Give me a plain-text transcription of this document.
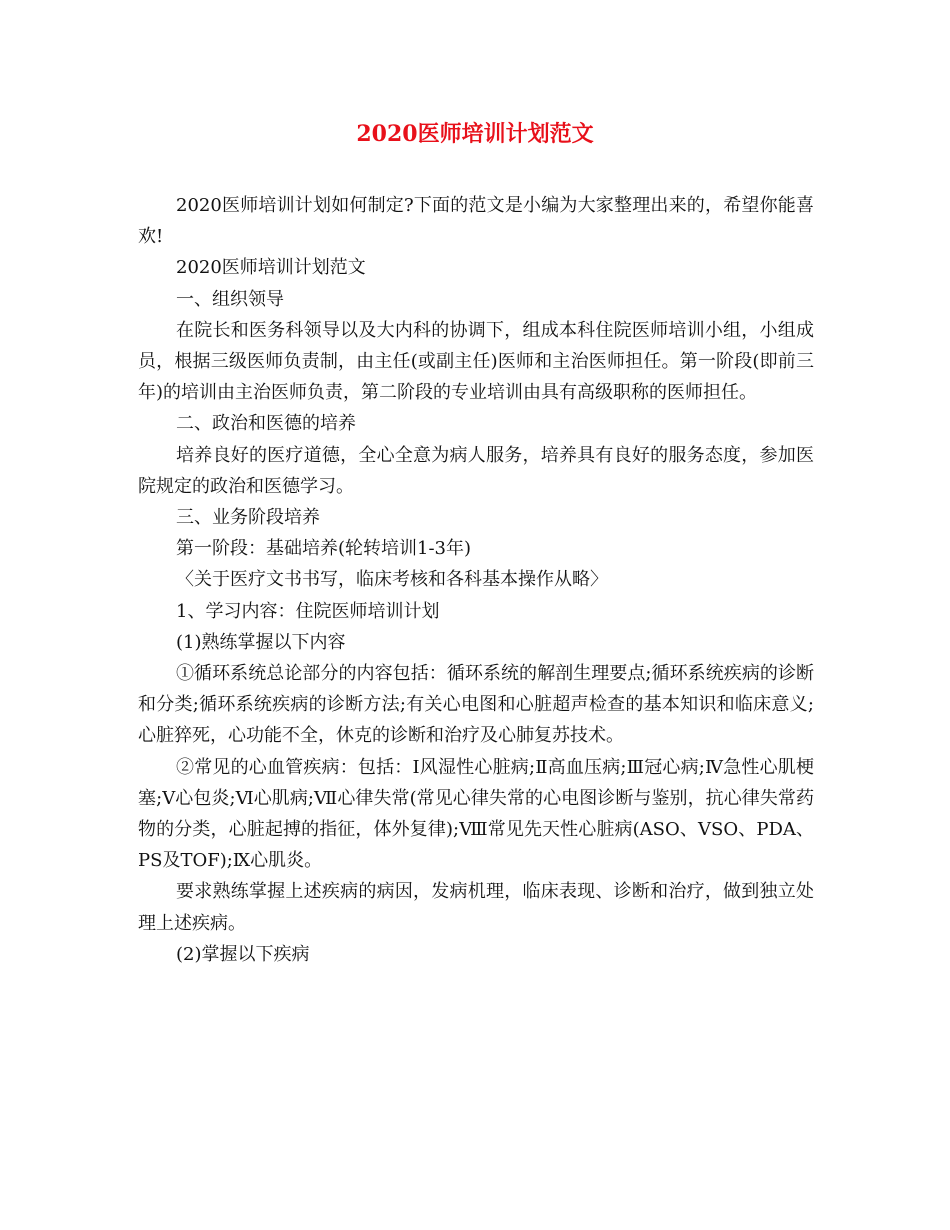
2020医师培训计划范文

2020医师培训计划如何制定?下面的范文是小编为大家整理出来的，希望你能喜欢!

2020医师培训计划范文

一、组织领导

在院长和医务科领导以及大内科的协调下，组成本科住院医师培训小组，小组成员，根据三级医师负责制，由主任(或副主任)医师和主治医师担任。第一阶段(即前三年)的培训由主治医师负责，第二阶段的专业培训由具有高级职称的医师担任。

二、政治和医德的培养

培养良好的医疗道德，全心全意为病人服务，培养具有良好的服务态度，参加医院规定的政治和医德学习。

三、业务阶段培养

第一阶段：基础培养(轮转培训1-3年)

〈关于医疗文书书写，临床考核和各科基本操作从略〉

1、学习内容：住院医师培训计划

(1)熟练掌握以下内容

①循环系统总论部分的内容包括：循环系统的解剖生理要点;循环系统疾病的诊断和分类;循环系统疾病的诊断方法;有关心电图和心脏超声检查的基本知识和临床意义;心脏猝死，心功能不全，休克的诊断和治疗及心肺复苏技术。

②常见的心血管疾病：包括：Ⅰ风湿性心脏病;Ⅱ高血压病;Ⅲ冠心病;Ⅳ急性心肌梗塞;Ⅴ心包炎;Ⅵ心肌病;Ⅶ心律失常(常见心律失常的心电图诊断与鉴别，抗心律失常药物的分类，心脏起搏的指征，体外复律);Ⅷ常见先天性心脏病(ASO、VSO、PDA、PS及TOF);Ⅸ心肌炎。

要求熟练掌握上述疾病的病因，发病机理，临床表现、诊断和治疗，做到独立处理上述疾病。

(2)掌握以下疾病
